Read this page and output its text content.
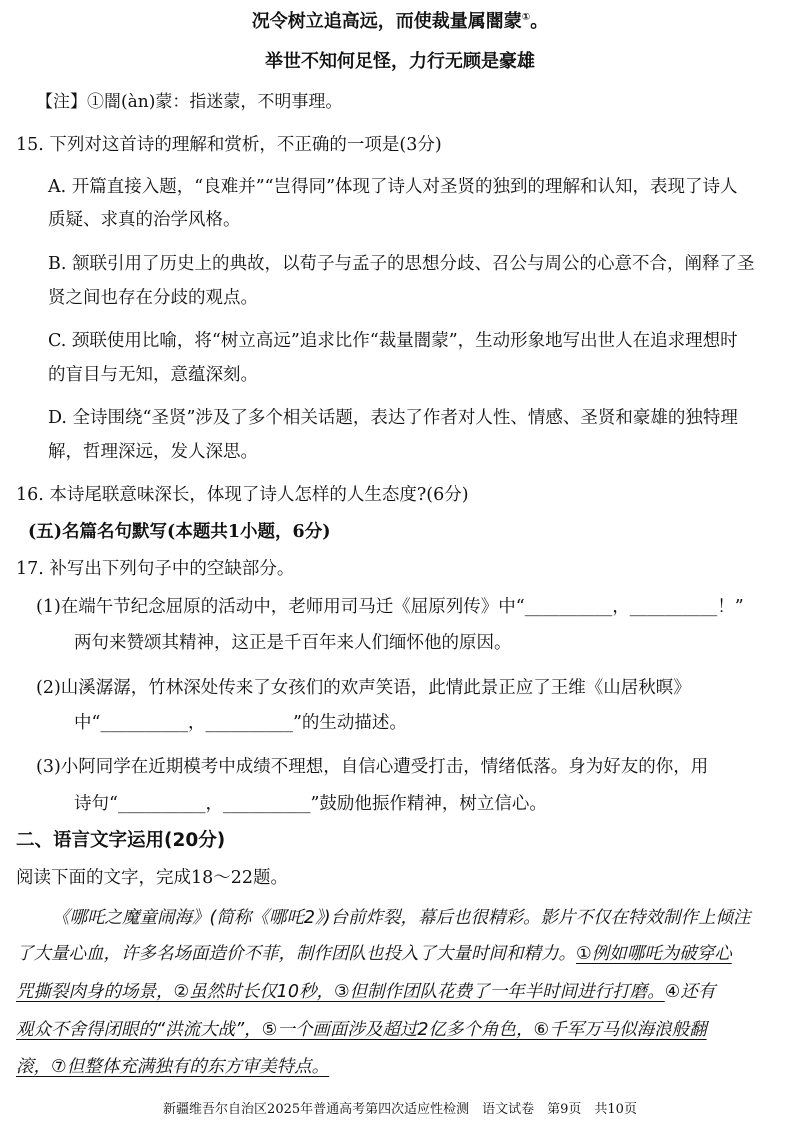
况令树立追高远，而使裁量属闇蒙①。
举世不知何足怪，力行无顾是豪雄
【注】①闇(àn)蒙：指迷蒙，不明事理。
15. 下列对这首诗的理解和赏析，不正确的一项是(3分)
A. 开篇直接入题，“良难并”“岂得同”体现了诗人对圣贤的独到的理解和认知，表现了诗人
质疑、求真的治学风格。
B. 颔联引用了历史上的典故，以荀子与孟子的思想分歧、召公与周公的心意不合，阐释了圣
贤之间也存在分歧的观点。
C. 颈联使用比喻，将“树立高远”追求比作“裁量闇蒙”，生动形象地写出世人在追求理想时
的盲目与无知，意蕴深刻。
D. 全诗围绕“圣贤”涉及了多个相关话题，表达了作者对人性、情感、圣贤和豪雄的独特理
解，哲理深远，发人深思。
16. 本诗尾联意味深长，体现了诗人怎样的人生态度?(6分)
(五)名篇名句默写(本题共1小题，6分)
17. 补写出下列句子中的空缺部分。
(1)在端午节纪念屈原的活动中，老师用司马迁《屈原列传》中“__________，__________！”
两句来赞颂其精神，这正是千百年来人们缅怀他的原因。
(2)山溪潺潺，竹林深处传来了女孩们的欢声笑语，此情此景正应了王维《山居秋暝》
中“__________，__________”的生动描述。
(3)小阿同学在近期模考中成绩不理想，自信心遭受打击，情绪低落。身为好友的你，用
诗句“__________，__________”鼓励他振作精神，树立信心。
二、语言文字运用(20分)
阅读下面的文字，完成18～22题。
《哪吒之魔童闹海》(简称《哪吒2》)台前炸裂，幕后也很精彩。影片不仅在特效制作上倾注
了大量心血，许多名场面造价不菲，制作团队也投入了大量时间和精力。①例如哪吒为破穿心
咒撕裂肉身的场景，②虽然时长仅10秒，③但制作团队花费了一年半时间进行打磨。④还有
观众不舍得闭眼的“洪流大战”，⑤一个画面涉及超过2亿多个角色，⑥千军万马似海浪般翻
滚，⑦但整体充满独有的东方审美特点。
新疆维吾尔自治区2025年普通高考第四次适应性检测　语文试卷　第9页　共10页
